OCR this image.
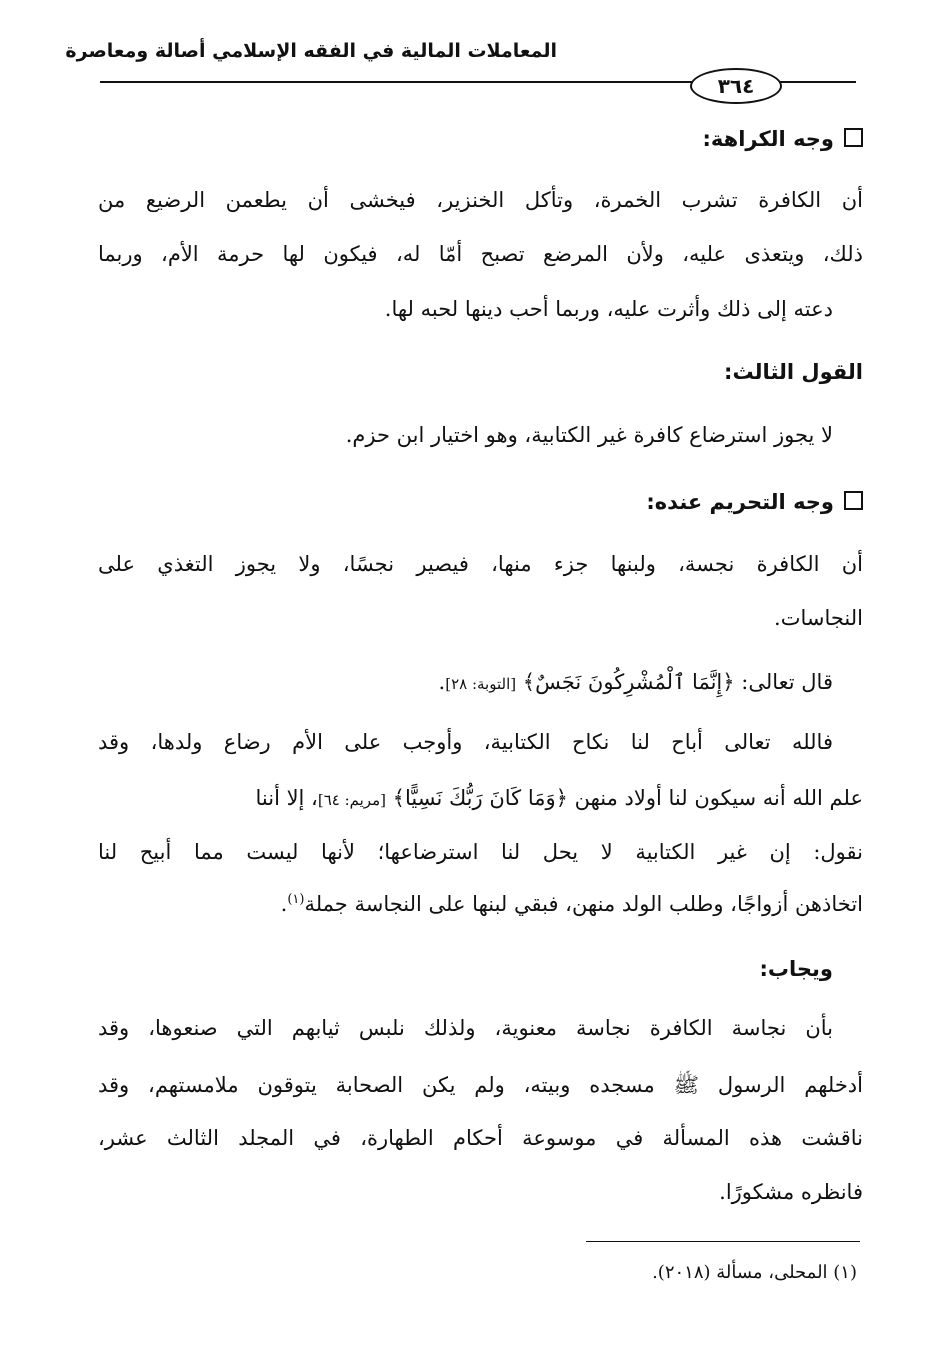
المعاملات المالية في الفقه الإسلامي أصالة ومعاصرة
٣٦٤
وجه الكراهة:
أن الكافرة تشرب الخمرة، وتأكل الخنزير، فيخشى أن يطعمن الرضيع من
ذلك، ويتعذى عليه، ولأن المرضع تصبح أمّا له، فيكون لها حرمة الأم، وربما
دعته إلى ذلك وأثرت عليه، وربما أحب دينها لحبه لها.
القول الثالث:
لا يجوز استرضاع كافرة غير الكتابية، وهو اختيار ابن حزم.
وجه التحريم عنده:
أن الكافرة نجسة، ولبنها جزء منها، فيصير نجسًا، ولا يجوز التغذي على
النجاسات.
قال تعالى: ﴿إِنَّمَا ٱلْمُشْرِكُونَ نَجَسٌ﴾ [التوبة: ٢٨].
فالله تعالى أباح لنا نكاح الكتابية، وأوجب على الأم رضاع ولدها، وقد
علم الله أنه سيكون لنا أولاد منهن ﴿وَمَا كَانَ رَبُّكَ نَسِيًّا﴾ [مريم: ٦٤]، إلا أننا
نقول: إن غير الكتابية لا يحل لنا استرضاعها؛ لأنها ليست مما أبيح لنا
اتخاذهن أزواجًا، وطلب الولد منهن، فبقي لبنها على النجاسة جملة$^{(١)}$.
ويجاب:
بأن نجاسة الكافرة نجاسة معنوية، ولذلك نلبس ثيابهم التي صنعوها، وقد
أدخلهم الرسول ﷺ مسجده وبيته، ولم يكن الصحابة يتوقون ملامستهم، وقد
ناقشت هذه المسألة في موسوعة أحكام الطهارة، في المجلد الثالث عشر،
فانظره مشكورًا.
(١) المحلى، مسألة (٢٠١٨).
